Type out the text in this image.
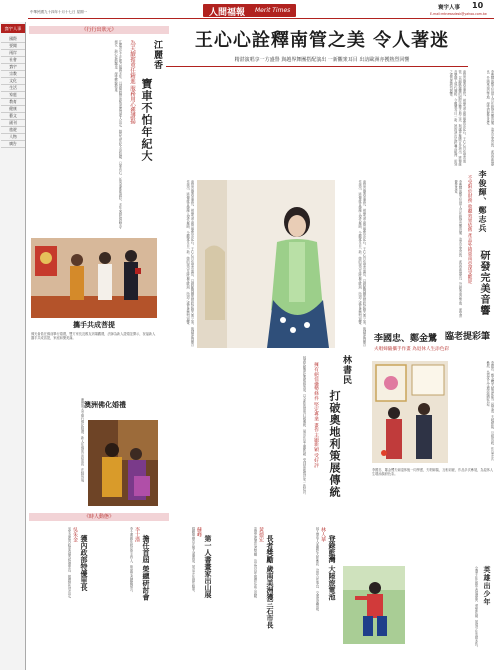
中華民國九十四年十月十七日 星期一	人間福報 Merit Times	寰宇人事 10
E-mail:mtnewsdesk@yahoo.com.tw
寰宇人事
國際
要聞
兩岸
社會
寰宇
宗教
文化
生活
家庭
教育
健康
藝文
副刊
旅遊
人物
廣告
《行行出狀元》
江麗香
寶車不怕年紀大
為夫續擔重任精進 服務用心獲讚揚
江麗香女士在地方服務多年，以誠懇踏實的態度獲得眾人肯定。她認為年紀不是阻礙，只要有心，任何事都能做好。多年來她始終堅守崗位，熱心協助鄰里，深受鄉親敬重。
攜手共成菩提
佛光會員在佛前舉行婚禮，雙方家長及親友到場觀禮，法師為新人證婚並開示，祝福新人攜手共成菩提，家庭和樂美滿。
澳洲佛化婚禮
澳洲南天寺舉行佛化婚禮，新人在佛前互許承諾，法師祝福。
王心心詮釋南管之美 令人著迷
精湛演唱享一方盛譽 與越界舞團搭配演出 一新觀衆耳目 出訪歐洲亦獲熱烈回響
南管音樂源遠流長，被譽為中國音樂的活化石。王心心自幼學習南管，以細膩婉轉的唱腔詮釋古典之美，與越界舞團合作演出，將傳統音樂融入現代舞蹈，令觀眾耳目一新。她的演出足跡遍及歐洲，所到之處皆獲熱烈迴響。
南管音樂源遠流長，被譽為中國音樂的活化石。王心心自幼學習南管，以細膩婉轉的唱腔詮釋古典之美，與越界舞團合作演出，將傳統音樂融入現代舞蹈，令觀眾耳目一新。她的演出足跡遍及歐洲，所到之處皆獲熱烈迴響。	南管音樂源遠流長，被譽為中國音樂的活化石。王心心自幼學習南管，以細膩婉轉的唱腔詮釋古典之美，與越界舞團合作演出，將傳統音樂融入現代舞蹈，令觀眾耳目一新。她的演出足跡遍及歐洲，所到之處皆獲熱烈迴響。
李俊輝與鄭志兵兩人合作研發音響設備，追求完美音質，產品品質優良，外銷東南亞等地，深受消費者喜愛。
李俊輝、鄭志兵
研發完美音響
不受限於財務 收聽效果依舊 產品外銷東南亞深受歡迎
李俊輝與鄭志兵兩人合作研發音響設備，追求完美音質，產品品質優良，外銷東南亞等地，深受消費者喜愛。
李國忠、鄭金鷺 臨老提彩筆
夫唱婦隨攜手作畫 為退休人生添色彩
李國忠、鄭金鷺夫婦退休後一同學畫，夫唱婦隨，互相切磋，作品多次參展，為退休人生增添繽紛色彩。
李國忠、鄭金鷺夫婦退休後一同學畫，夫唱婦隨，互相切磋，作品多次參展，為退休人生增添繽紛色彩。
林書民
打破奧地利策展傳統
擁有絕佳優勢條件 堅定專業 畫作主題新穎 受好評
林書民應邀赴奧地利策展，以全新的視角打破傳統，展出作品主題新穎，受到當地藝評家一致好評。
《時人動態》
登錄藍灣 大陸旅電池
林人華
林人華等人率團赴大陸參訪，洽談合作事宜，交流成果豐碩。
長者獎勵 歲南美洲獲三石市長
黃德宏
黃德宏獲頒長者獎勵，肯定其長年服務社區之貢獻。
第一人書畫家出山展
蘇峰
蘇峰舉辦首次個人書畫展，展出多年創作精華。
擔任首屆 榮總研討會
李士漢
李士漢擔任研討會主持人，與會學者踴躍發言。
獲內政部特優里長
吳朱金
吳朱金獲內政部表揚為特優里長，服務熱忱受肯定。	英雄出少年
小選手在比賽中表現優異，勇奪佳績，展現少年英雄本色。
